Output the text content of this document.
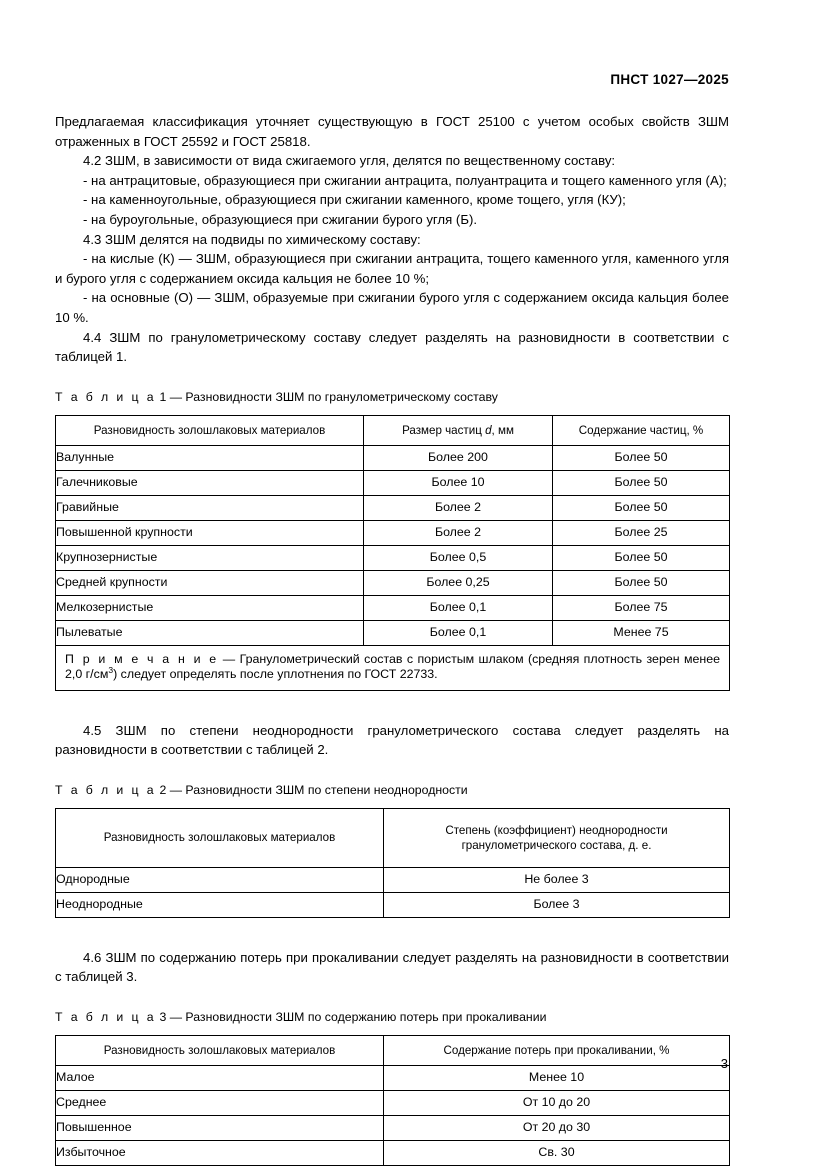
ПНСТ 1027—2025

Предлагаемая классификация уточняет существующую в ГОСТ 25100 с учетом особых свойств ЗШМ отраженных в ГОСТ 25592 и ГОСТ 25818.

4.2 ЗШМ, в зависимости от вида сжигаемого угля, делятся по вещественному составу:

- на антрацитовые, образующиеся при сжигании антрацита, полуантрацита и тощего каменного угля (А);

- на каменноугольные, образующиеся при сжигании каменного, кроме тощего, угля (КУ);

- на буроугольные, образующиеся при сжигании бурого угля (Б).

4.3 ЗШМ делятся на подвиды по химическому составу:

- на кислые (К) — ЗШМ, образующиеся при сжигании антрацита, тощего каменного угля, каменного угля и бурого угля с содержанием оксида кальция не более 10 %;

- на основные (О) — ЗШМ, образуемые при сжигании бурого угля с содержанием оксида кальция более 10 %.

4.4 ЗШМ по гранулометрическому составу следует разделять на разновидности в соответствии с таблицей 1.

Т а б л и ц а 1 — Разновидности ЗШМ по гранулометрическому составу

Разновидность золошлаковых материалов	Размер частиц d, мм	Содержание частиц, %
Валунные	Более 200	Более 50
Галечниковые	Более 10	Более 50
Гравийные	Более 2	Более 50
Повышенной крупности	Более 2	Более 25
Крупнозернистые	Более 0,5	Более 50
Средней крупности	Более 0,25	Более 50
Мелкозернистые	Более 0,1	Более 75
Пылеватые	Более 0,1	Менее 75
П р и м е ч а н и е — Гранулометрический состав с пористым шлаком (средняя плотность зерен менее 2,0 $г/см^3$) следует определять после уплотнения по ГОСТ 22733.		

4.5 ЗШМ по степени неоднородности гранулометрического состава следует разделять на разновидности в соответствии с таблицей 2.

Т а б л и ц а 2 — Разновидности ЗШМ по степени неоднородности

Разновидность золошлаковых материалов	Степень (коэффициент) неоднородности гранулометрического состава, д. е.
Однородные	Не более 3
Неоднородные	Более 3

4.6 ЗШМ по содержанию потерь при прокаливании следует разделять на разновидности в соответствии с таблицей 3.

Т а б л и ц а 3 — Разновидности ЗШМ по содержанию потерь при прокаливании

Разновидность золошлаковых материалов	Содержание потерь при прокаливании, %
Малое	Менее 10
Среднее	От 10 до 20
Повышенное	От 20 до 30
Избыточное	Св. 30
3
